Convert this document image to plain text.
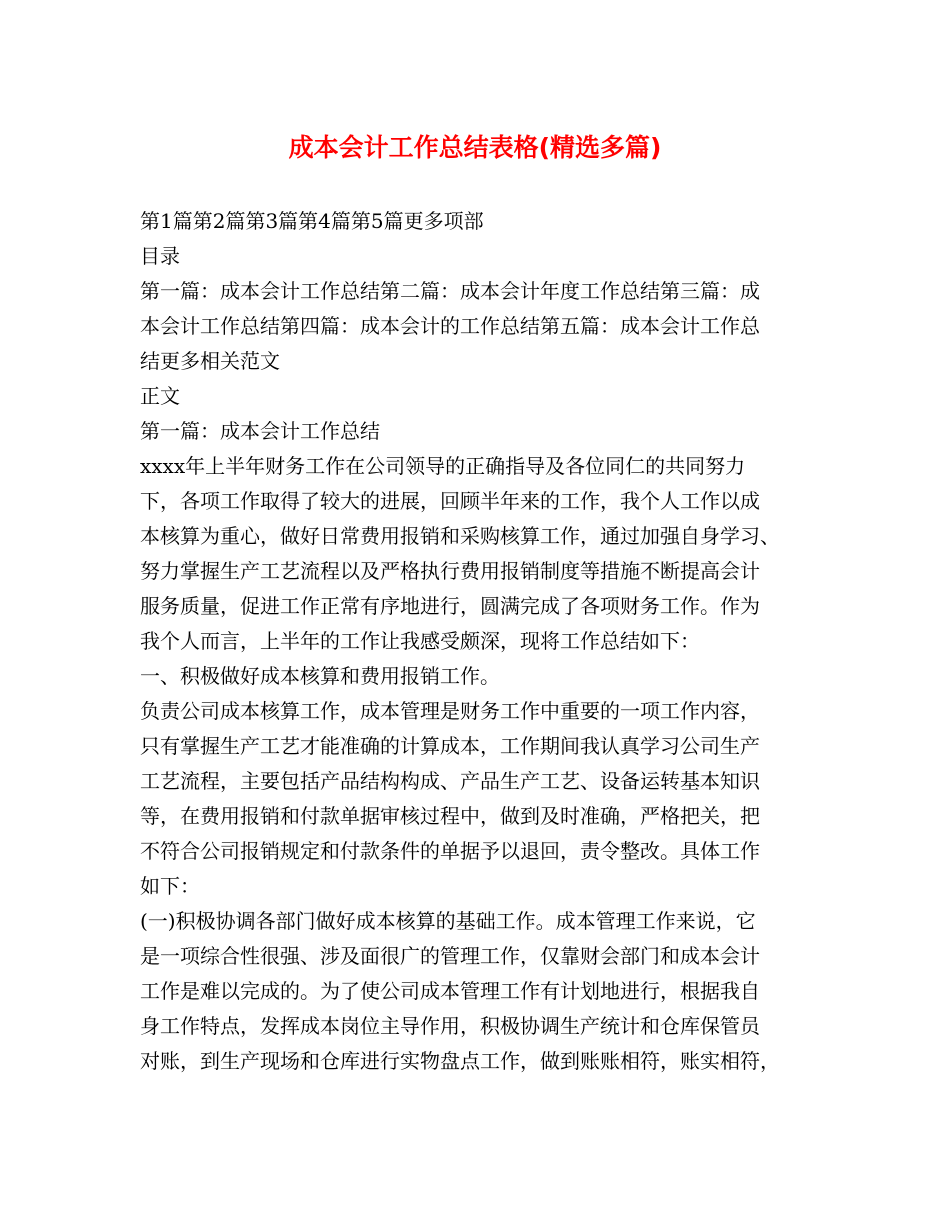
成本会计工作总结表格(精选多篇)
第1篇第2篇第3篇第4篇第5篇更多项部
目录
第一篇：成本会计工作总结第二篇：成本会计年度工作总结第三篇：成
本会计工作总结第四篇：成本会计的工作总结第五篇：成本会计工作总
结更多相关范文
正文
第一篇：成本会计工作总结
xxxx年上半年财务工作在公司领导的正确指导及各位同仁的共同努力
下，各项工作取得了较大的进展，回顾半年来的工作，我个人工作以成
本核算为重心，做好日常费用报销和采购核算工作，通过加强自身学习、
努力掌握生产工艺流程以及严格执行费用报销制度等措施不断提高会计
服务质量，促进工作正常有序地进行，圆满完成了各项财务工作。作为
我个人而言，上半年的工作让我感受颇深，现将工作总结如下：
一、积极做好成本核算和费用报销工作。
负责公司成本核算工作，成本管理是财务工作中重要的一项工作内容，
只有掌握生产工艺才能准确的计算成本，工作期间我认真学习公司生产
工艺流程，主要包括产品结构构成、产品生产工艺、设备运转基本知识
等，在费用报销和付款单据审核过程中，做到及时准确，严格把关，把
不符合公司报销规定和付款条件的单据予以退回，责令整改。具体工作
如下：
(一)积极协调各部门做好成本核算的基础工作。成本管理工作来说，它
是一项综合性很强、涉及面很广的管理工作，仅靠财会部门和成本会计
工作是难以完成的。为了使公司成本管理工作有计划地进行，根据我自
身工作特点，发挥成本岗位主导作用，积极协调生产统计和仓库保管员
对账，到生产现场和仓库进行实物盘点工作，做到账账相符，账实相符，
